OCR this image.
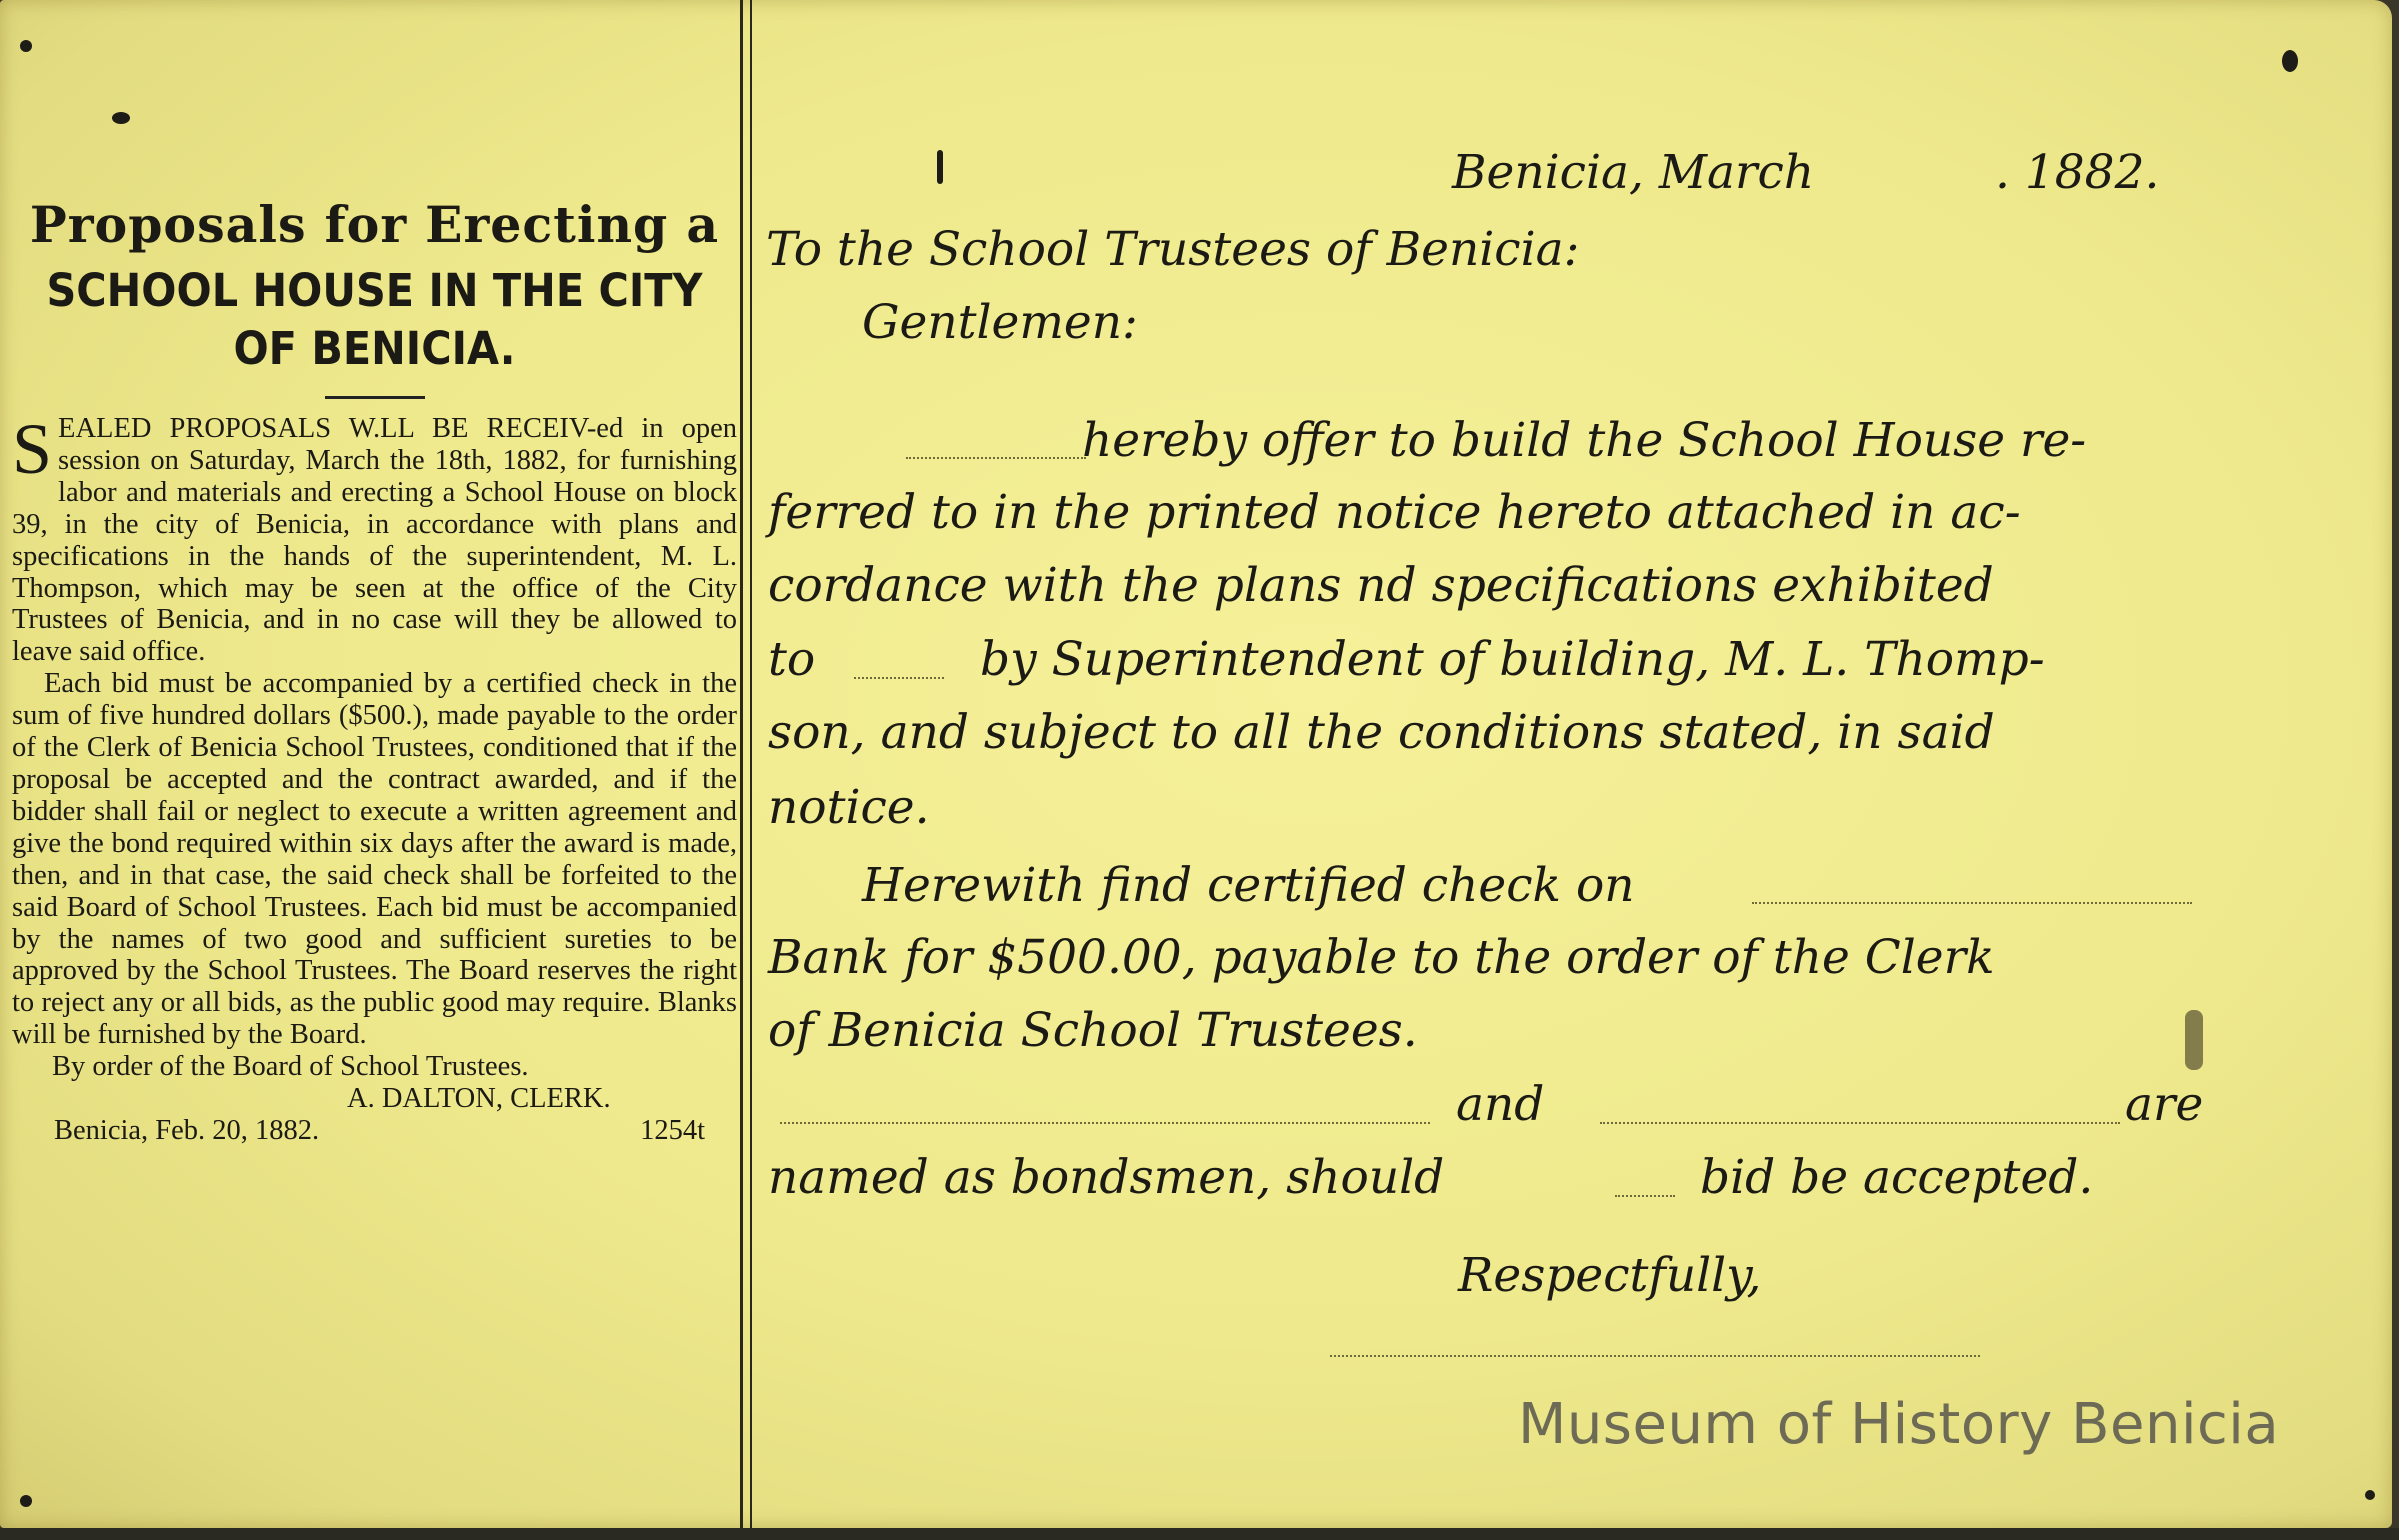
Proposals for Erecting a

SCHOOL HOUSE IN THE CITY

OF BENICIA.

SEALED PROPOSALS W.LL BE RECEIV-ed in open session on Saturday, March the 18th, 1882, for furnishing labor and materials and erecting a School House on block 39, in the city of Benicia, in accordance with plans and specifications in the hands of the superintendent, M. L. Thompson, which may be seen at the office of the City Trustees of Benicia, and in no case will they be allowed to leave said office.

Each bid must be accompanied by a certified check in the sum of five hundred dollars ($500.), made payable to the order of the Clerk of Benicia School Trustees, conditioned that if the proposal be accepted and the contract awarded, and if the bidder shall fail or neglect to execute a written agreement and give the bond required within six days after the award is made, then, and in that case, the said check shall be forfeited to the said Board of School Trustees. Each bid must be accompanied by the names of two good and sufficient sureties to be approved by the School Trustees. The Board reserves the right to reject any or all bids, as the public good may require. Blanks will be furnished by the Board.

By order of the Board of School Trustees.

A. DALTON, CLERK.

Benicia, Feb. 20, 1882.	1254t

Benicia, March	. 1882.
To the School Trustees of Benicia:
Gentlemen:
hereby offer to build the School House re-
ferred to in the printed notice hereto attached in ac-
cordance with the plans nd specifications exhibited
to	by Superintendent of building, M. L. Thomp-
son, and subject to all the conditions stated, in said
notice.
Herewith find certified check on
Bank for $500.00, payable to the order of the Clerk
of Benicia School Trustees.
and	are
named as bondsmen, should	bid be accepted.
Respectfully,
Museum of History Benicia
